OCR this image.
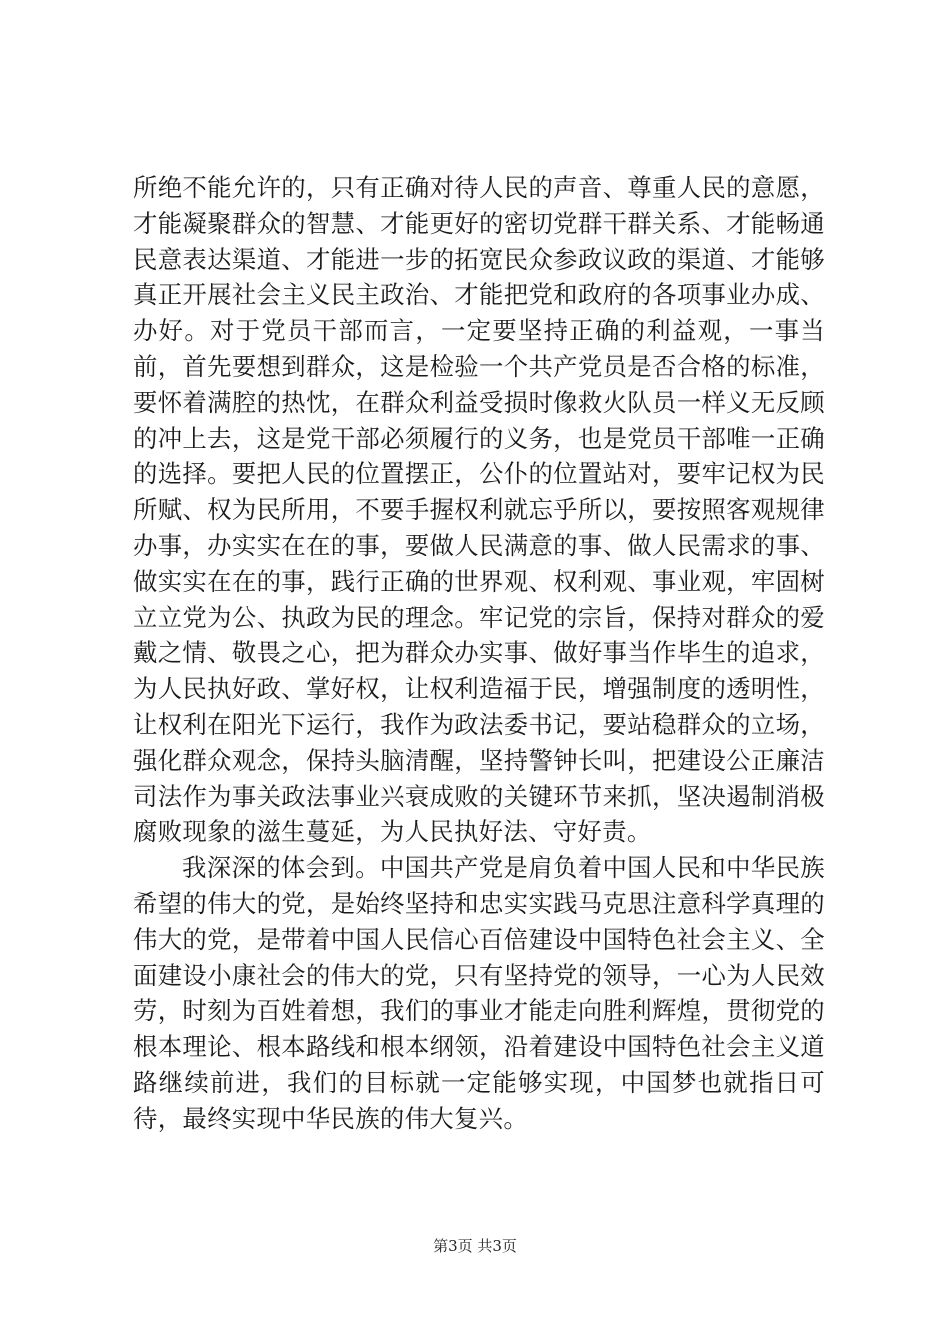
所绝不能允许的，只有正确对待人民的声音、尊重人民的意愿，才能凝聚群众的智慧、才能更好的密切党群干群关系、才能畅通民意表达渠道、才能进一步的拓宽民众参政议政的渠道、才能够真正开展社会主义民主政治、才能把党和政府的各项事业办成、办好。对于党员干部而言，一定要坚持正确的利益观，一事当前，首先要想到群众，这是检验一个共产党员是否合格的标准，要怀着满腔的热忱，在群众利益受损时像救火队员一样义无反顾的冲上去，这是党干部必须履行的义务，也是党员干部唯一正确的选择。要把人民的位置摆正，公仆的位置站对，要牢记权为民所赋、权为民所用，不要手握权利就忘乎所以，要按照客观规律办事，办实实在在的事，要做人民满意的事、做人民需求的事、做实实在在的事，践行正确的世界观、权利观、事业观，牢固树立立党为公、执政为民的理念。牢记党的宗旨，保持对群众的爱戴之情、敬畏之心，把为群众办实事、做好事当作毕生的追求，为人民执好政、掌好权，让权利造福于民，增强制度的透明性，让权利在阳光下运行，我作为政法委书记，要站稳群众的立场，强化群众观念，保持头脑清醒，坚持警钟长叫，把建设公正廉洁司法作为事关政法事业兴衰成败的关键环节来抓，坚决遏制消极腐败现象的滋生蔓延，为人民执好法、守好责。

我深深的体会到。中国共产党是肩负着中国人民和中华民族希望的伟大的党，是始终坚持和忠实实践马克思注意科学真理的伟大的党，是带着中国人民信心百倍建设中国特色社会主义、全面建设小康社会的伟大的党，只有坚持党的领导，一心为人民效劳，时刻为百姓着想，我们的事业才能走向胜利辉煌，贯彻党的根本理论、根本路线和根本纲领，沿着建设中国特色社会主义道路继续前进，我们的目标就一定能够实现，中国梦也就指日可待，最终实现中华民族的伟大复兴。

第3页 共3页
